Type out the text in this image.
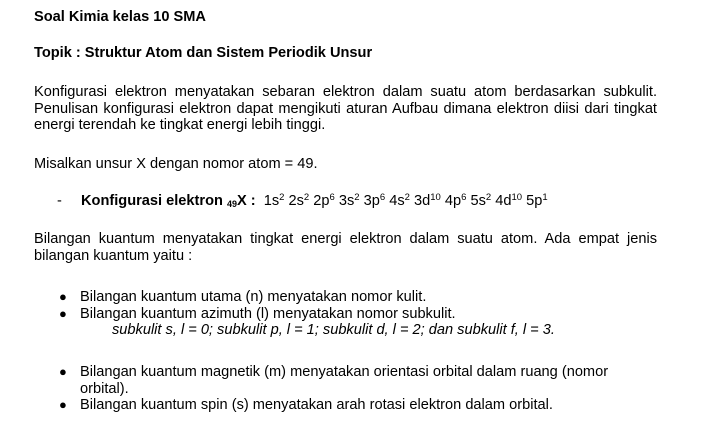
Soal Kimia kelas 10 SMA
Topik : Struktur Atom dan Sistem Periodik Unsur
Konfigurasi elektron menyatakan sebaran elektron dalam suatu atom berdasarkan subkulit. Penulisan konfigurasi elektron dapat mengikuti aturan Aufbau dimana elektron diisi dari tingkat energi terendah ke tingkat energi lebih tinggi.
Misalkan unsur X dengan nomor atom = 49.
- Konfigurasi elektron 49X : $1s^2$ $2s^2$ $2p^6$ $3s^2$ $3p^6$ $4s^2$ $3d^{10}$ $4p^6$ $5s^2$ $4d^{10}$ $5p^1$
Bilangan kuantum menyatakan tingkat energi elektron dalam suatu atom. Ada empat jenis bilangan kuantum yaitu :
● Bilangan kuantum utama (n) menyatakan nomor kulit.
● Bilangan kuantum azimuth (l) menyatakan nomor subkulit.
subkulit s, l = 0; subkulit p, l = 1; subkulit d, l = 2; dan subkulit f, l = 3.
● Bilangan kuantum magnetik (m) menyatakan orientasi orbital dalam ruang (nomor orbital).
● Bilangan kuantum spin (s) menyatakan arah rotasi elektron dalam orbital.
